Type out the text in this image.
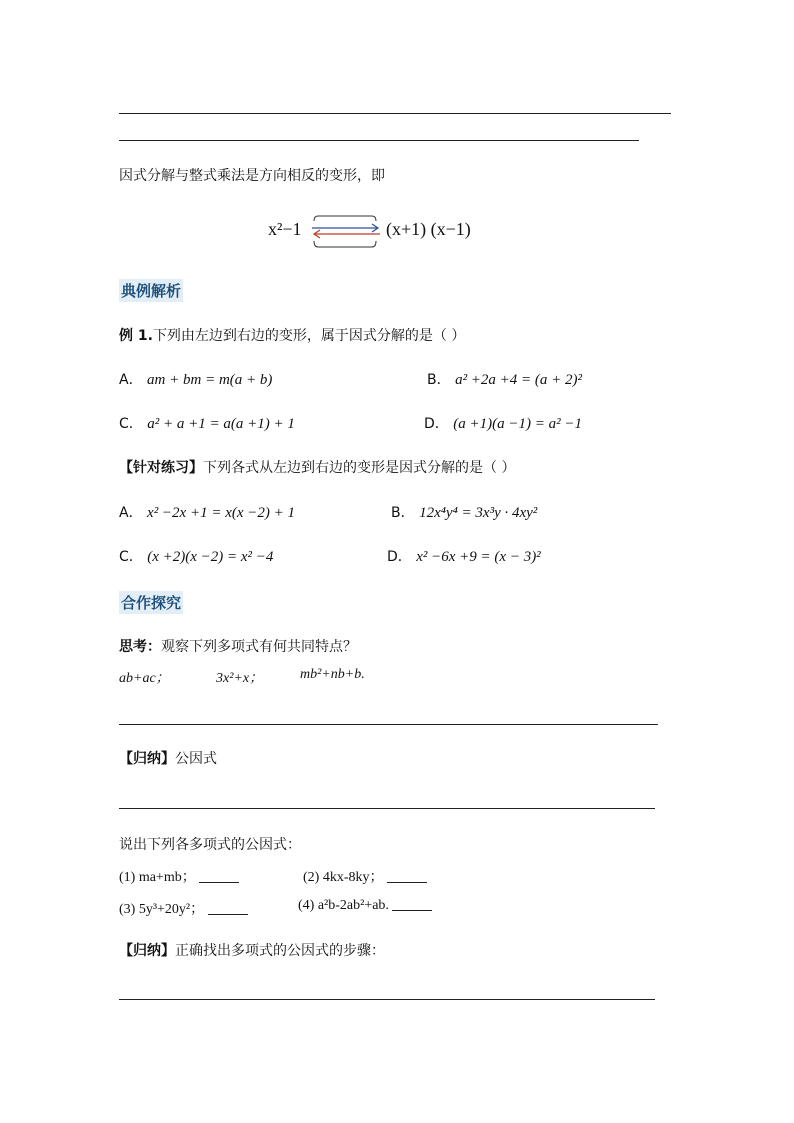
因式分解与整式乘法是方向相反的变形，即
x²−1	(x+1) (x−1)
典例解析
例 1.下列由左边到右边的变形，属于因式分解的是（ ）
A． am + bm = m(a + b)	B． a² +2a +4 = (a + 2)²
C． a² + a +1 = a(a +1) + 1	D． (a +1)(a −1) = a² −1
【针对练习】下列各式从左边到右边的变形是因式分解的是（ ）
A． x² −2x +1 = x(x −2) + 1	B． 12x⁴y⁴ = 3x³y · 4xy²
C． (x +2)(x −2) = x² −4	D． x² −6x +9 = (x − 3)²
合作探究
思考：观察下列多项式有何共同特点？
ab+ac；	3x²+x；	mb²+nb+b.
【归纳】公因式
说出下列各多项式的公因式：
(1) ma+mb；	(2) 4kx-8ky；
(3) 5y³+20y²；	(4) a²b-2ab²+ab.
【归纳】正确找出多项式的公因式的步骤：
